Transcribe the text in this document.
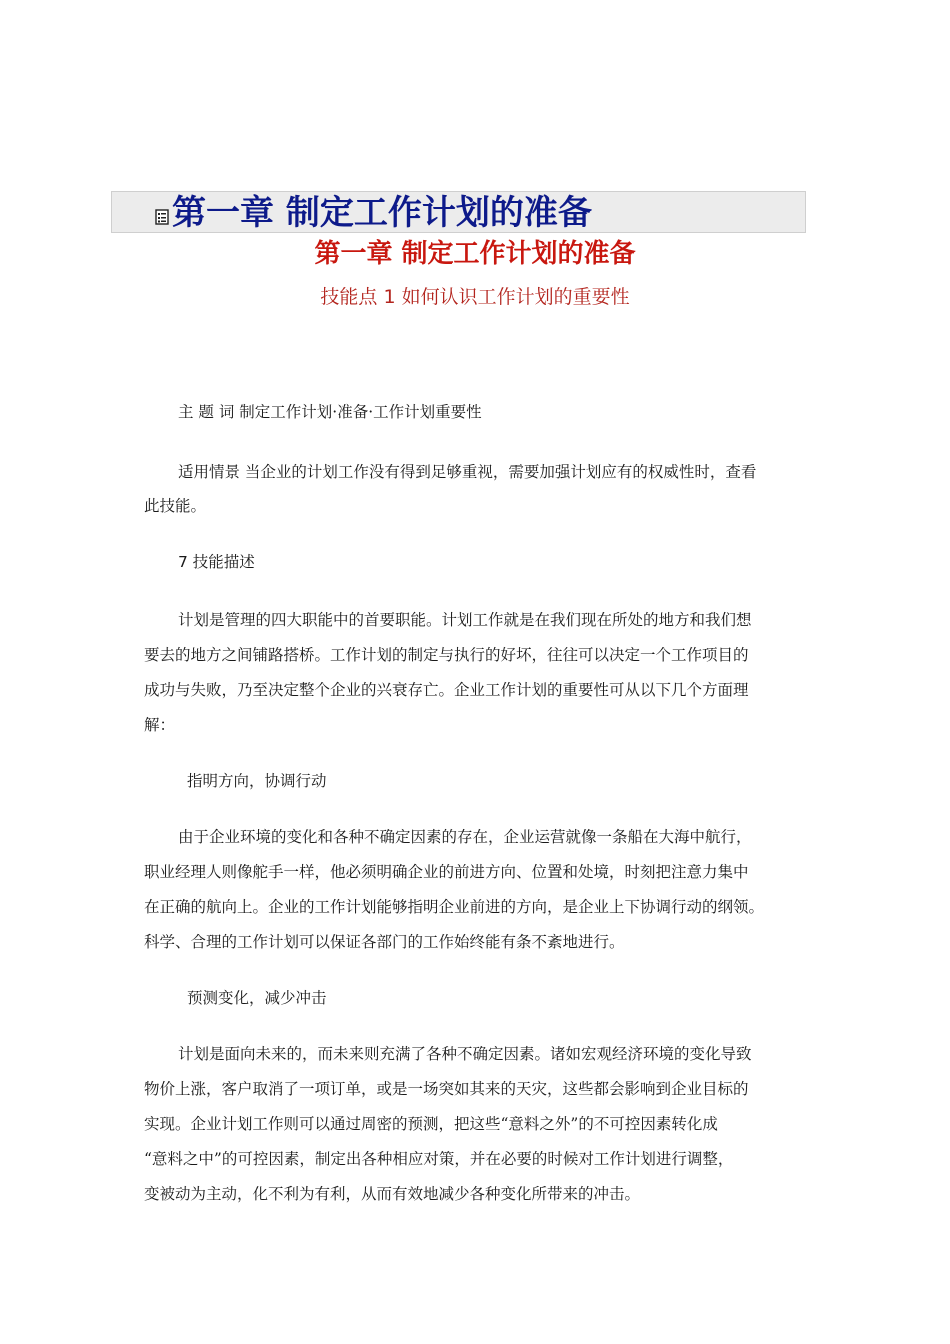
第一章 制定工作计划的准备
第一章 制定工作计划的准备
技能点 1 如何认识工作计划的重要性
主 题 词 制定工作计划·准备·工作计划重要性
适用情景 当企业的计划工作没有得到足够重视，需要加强计划应有的权威性时，查看
此技能。
7 技能描述
计划是管理的四大职能中的首要职能。计划工作就是在我们现在所处的地方和我们想
要去的地方之间铺路搭桥。工作计划的制定与执行的好坏，往往可以决定一个工作项目的
成功与失败，乃至决定整个企业的兴衰存亡。企业工作计划的重要性可从以下几个方面理
解：
指明方向，协调行动
由于企业环境的变化和各种不确定因素的存在，企业运营就像一条船在大海中航行，
职业经理人则像舵手一样，他必须明确企业的前进方向、位置和处境，时刻把注意力集中
在正确的航向上。企业的工作计划能够指明企业前进的方向，是企业上下协调行动的纲领。
科学、合理的工作计划可以保证各部门的工作始终能有条不紊地进行。
预测变化，减少冲击
计划是面向未来的，而未来则充满了各种不确定因素。诸如宏观经济环境的变化导致
物价上涨，客户取消了一项订单，或是一场突如其来的天灾，这些都会影响到企业目标的
实现。企业计划工作则可以通过周密的预测，把这些“意料之外”的不可控因素转化成
“意料之中”的可控因素，制定出各种相应对策，并在必要的时候对工作计划进行调整，
变被动为主动，化不利为有利，从而有效地减少各种变化所带来的冲击。
